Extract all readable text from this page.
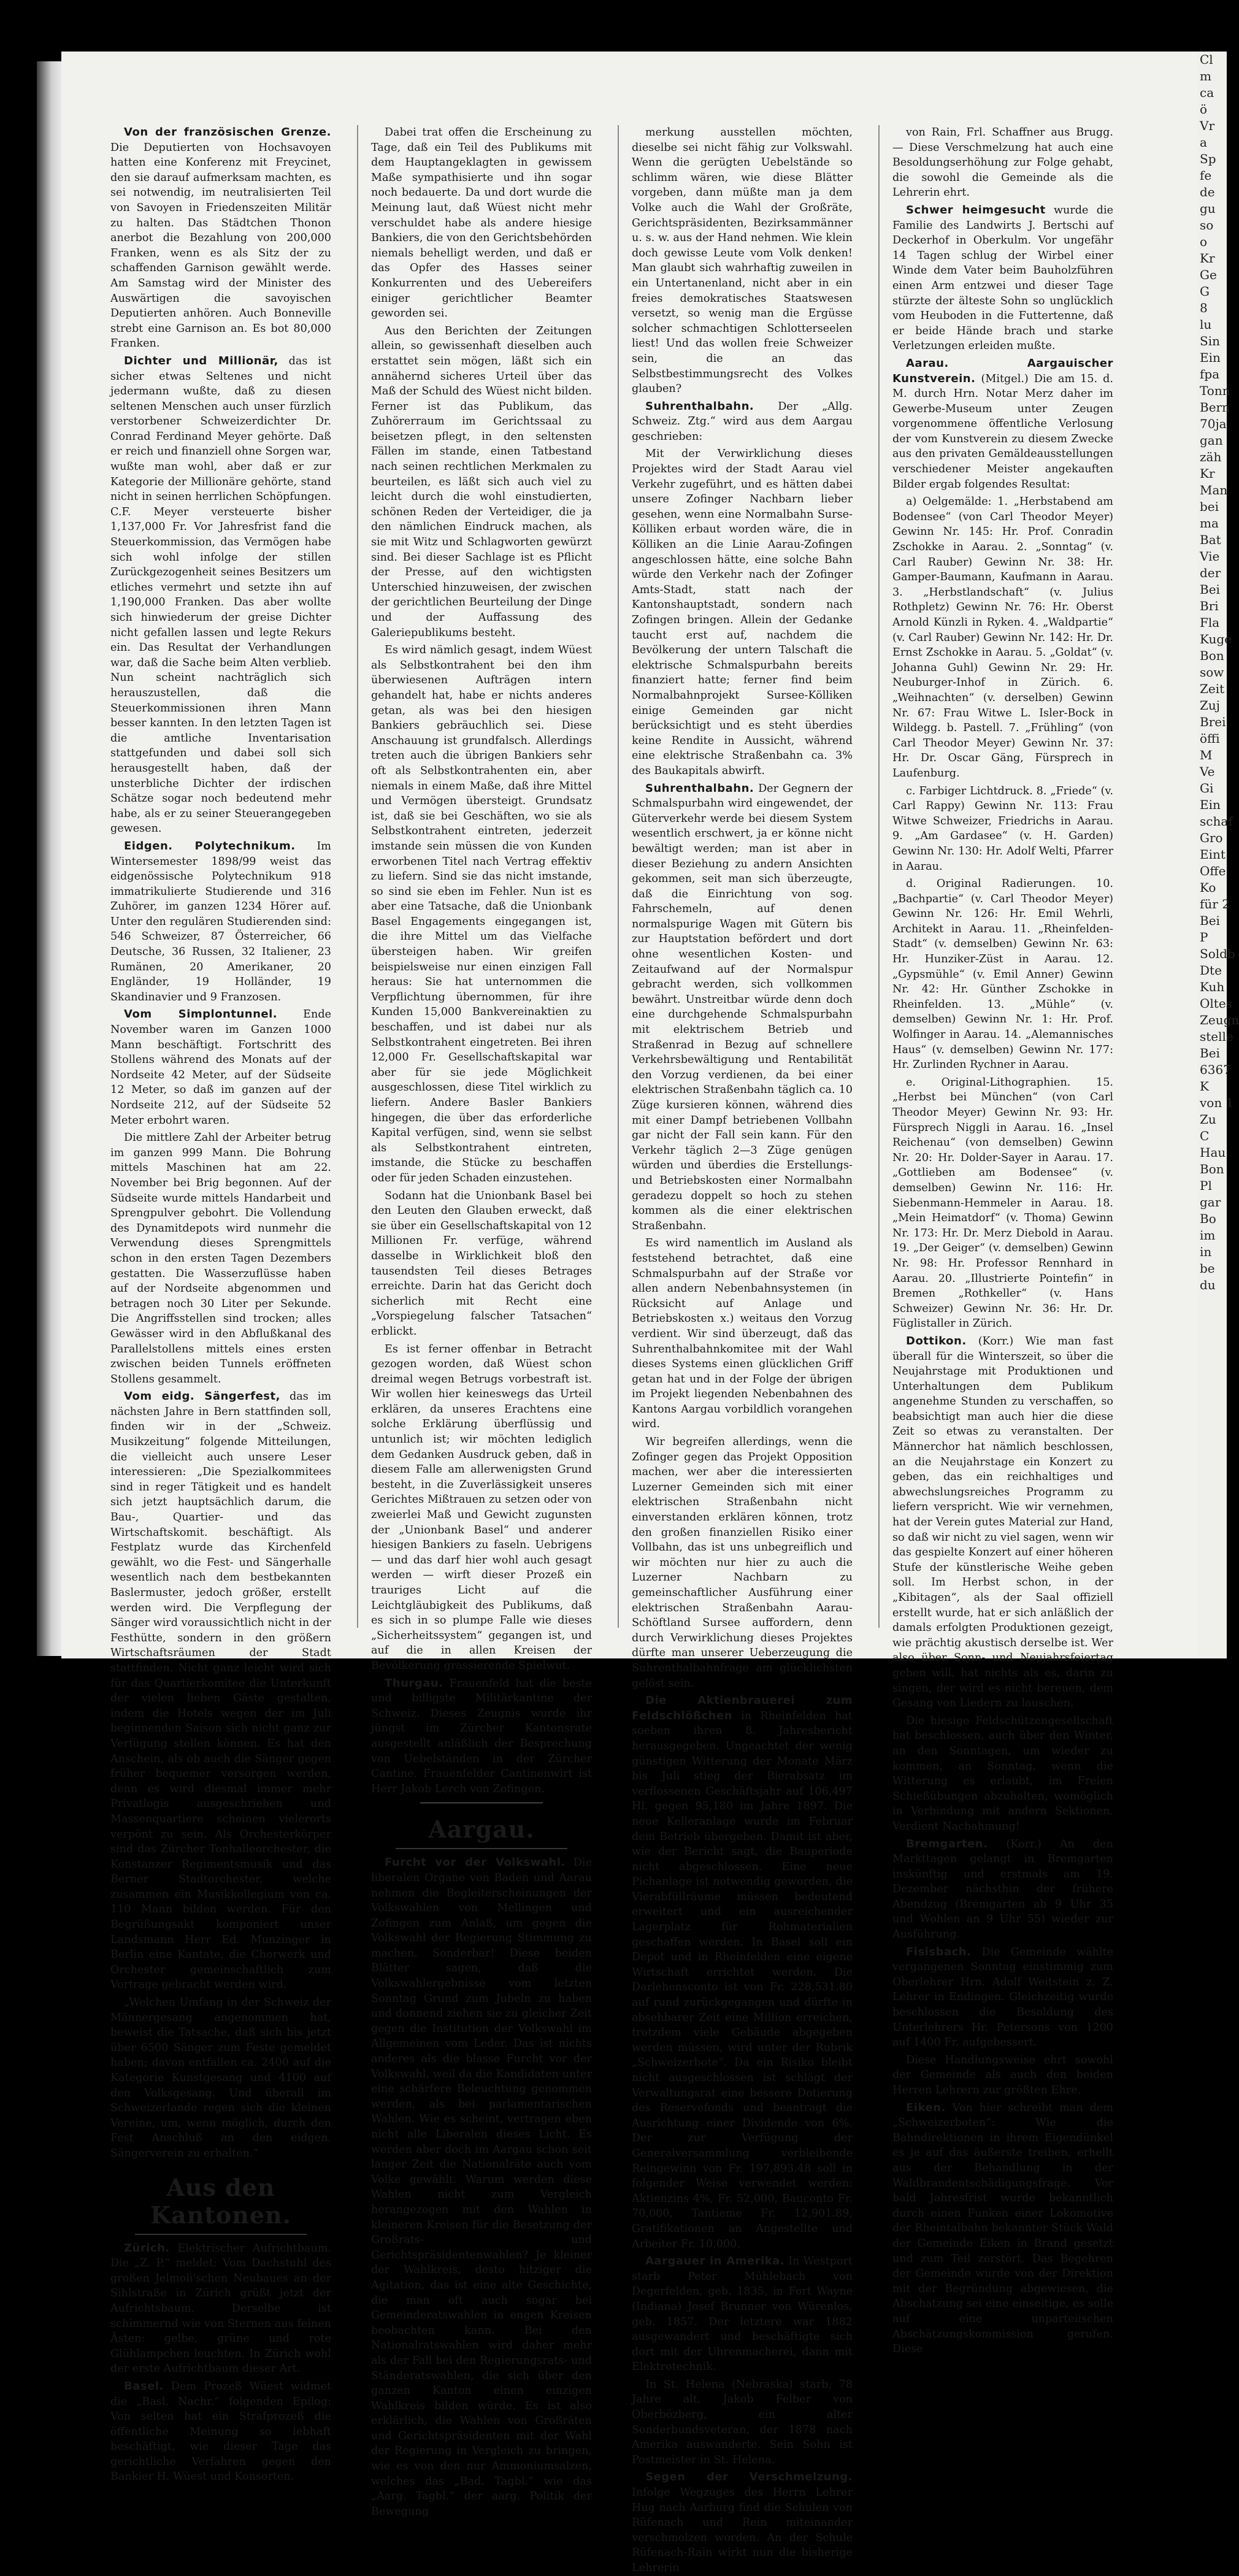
Von der französischen Grenze. Die Deputierten von Hochsavoyen hatten eine Konferenz mit Freycinet, den sie darauf aufmerksam machten, es sei notwendig, im neutralisierten Teil von Savoyen in Friedenszeiten Militär zu halten. Das Städtchen Thonon anerbot die Bezahlung von 200,000 Franken, wenn es als Sitz der zu schaffenden Garnison gewählt werde. Am Samstag wird der Minister des Auswärtigen die savoyischen Deputierten anhören. Auch Bonneville strebt eine Garnison an. Es bot 80,000 Franken.

Dichter und Millionär, das ist sicher etwas Seltenes und nicht jedermann wußte, daß zu diesen seltenen Menschen auch unser fürzlich verstorbener Schweizerdichter Dr. Conrad Ferdinand Meyer gehörte. Daß er reich und finanziell ohne Sorgen war, wußte man wohl, aber daß er zur Kategorie der Millionäre gehörte, stand nicht in seinen herrlichen Schöpfungen. C.F. Meyer versteuerte bisher 1,137,000 Fr. Vor Jahresfrist fand die Steuerkommission, das Vermögen habe sich wohl infolge der stillen Zurückgezogenheit seines Besitzers um etliches vermehrt und setzte ihn auf 1,190,000 Franken. Das aber wollte sich hinwiederum der greise Dichter nicht gefallen lassen und legte Rekurs ein. Das Resultat der Verhandlungen war, daß die Sache beim Alten verblieb. Nun scheint nachträglich sich herauszustellen, daß die Steuerkommissionen ihren Mann besser kannten. In den letzten Tagen ist die amtliche Inventarisation stattgefunden und dabei soll sich herausgestellt haben, daß der unsterbliche Dichter der irdischen Schätze sogar noch bedeutend mehr habe, als er zu seiner Steuerangegeben gewesen.

Eidgen. Polytechnikum. Im Wintersemester 1898/99 weist das eidgenössische Polytechnikum 918 immatrikulierte Studierende und 316 Zuhörer, im ganzen 1234 Hörer auf. Unter den regulären Studierenden sind: 546 Schweizer, 87 Österreicher, 66 Deutsche, 36 Russen, 32 Italiener, 23 Rumänen, 20 Amerikaner, 20 Engländer, 19 Holländer, 19 Skandinavier und 9 Franzosen.

Vom Simplontunnel. Ende November waren im Ganzen 1000 Mann beschäftigt. Fortschritt des Stollens während des Monats auf der Nordseite 42 Meter, auf der Südseite 12 Meter, so daß im ganzen auf der Nordseite 212, auf der Südseite 52 Meter erbohrt waren.

Die mittlere Zahl der Arbeiter betrug im ganzen 999 Mann. Die Bohrung mittels Maschinen hat am 22. November bei Brig begonnen. Auf der Südseite wurde mittels Handarbeit und Sprengpulver gebohrt. Die Vollendung des Dynamitdepots wird nunmehr die Verwendung dieses Sprengmittels schon in den ersten Tagen Dezembers gestatten. Die Wasserzuflüsse haben auf der Nordseite abgenommen und betragen noch 30 Liter per Sekunde. Die Angriffsstellen sind trocken; alles Gewässer wird in den Abflußkanal des Parallelstollens mittels eines ersten zwischen beiden Tunnels eröffneten Stollens gesammelt.

Vom eidg. Sängerfest, das im nächsten Jahre in Bern stattfinden soll, finden wir in der „Schweiz. Musikzeitung“ folgende Mitteilungen, die vielleicht auch unsere Leser interessieren: „Die Spezialkommitees sind in reger Tätigkeit und es handelt sich jetzt hauptsächlich darum, die Bau-, Quartier- und das Wirtschaftskomit. beschäftigt. Als Festplatz wurde das Kirchenfeld gewählt, wo die Fest- und Sängerhalle wesentlich nach dem bestbekannten Baslermuster, jedoch größer, erstellt werden wird. Die Verpflegung der Sänger wird voraussichtlich nicht in der Festhütte, sondern in den größern Wirtschaftsräumen der Stadt stattfinden. Nicht ganz leicht wird sich für das Quartierkomitee die Unterkunft der vielen lieben Gäste gestalten, indem die Hotels wegen der im Juli beginnenden Saison sich nicht ganz zur Verfügung stellen können. Es hat den Anschein, als ob auch die Sänger gegen früher bequemer versorgen werden, denn es wird diesmal immer mehr Privatlogis ausgeschrieben und Massenquartiere scheinen vielerorts verpönt zu sein. Als Orchesterkörper sind das Zürcher Tonhalleorchester, die Konstanzer Regimentsmusik und das Berner Stadtorchester, welche zusammen ein Musikkollegium von ca. 110 Mann bilden werden. Für den Begrüßungsakt komponiert unser Landsmann Herr Ed. Munzinger in Berlin eine Kantate, die Chorwerk und Orchester gemeinschaftlich zum Vortrage gebracht werden wird.

„Welchen Umfang in der Schweiz der Männergesang angenommen hat, beweist die Tatsache, daß sich bis jetzt über 6500 Sänger zum Feste gemeldet haben; davon entfallen ca. 2400 auf die Kategorie Kunstgesang und 4100 auf den Volksgesang. Und überall im Schweizerlande regen sich die kleinen Vereine, um, wenn möglich, durch den Fest Anschluß an den eidgen. Sängerverein zu erhalten.“

Aus den Kantonen.

Zürich. Elektrischer Aufrichtbaum. Die „Z. P.“ meldet: Vom Dachstuhl des großen Jelmoli'schen Neubaues an der Sihlstraße in Zürich grüßt jetzt der Aufrichtsbaum. Derselbe ist schimmernd wie von Sternen aus feinen Ästen: gelbe, grüne und rote Glühlampchen leuchten. In Zürich wohl der erste Aufrichtbaum dieser Art.

Basel. Dem Prozeß Wüest widmet die „Basl. Nachr.“ folgenden Epilog: Von selten hat ein Strafprozeß die öffentliche Meinung so lebhaft beschäftigt, wie dieser Tage das gerichtliche Verfahren gegen den Bankier H. Wüest und Konsorten.

Dabei trat offen die Erscheinung zu Tage, daß ein Teil des Publikums mit dem Hauptangeklagten in gewissem Maße sympathisierte und ihn sogar noch bedauerte. Da und dort wurde die Meinung laut, daß Wüest nicht mehr verschuldet habe als andere hiesige Bankiers, die von den Gerichtsbehörden niemals behelligt werden, und daß er das Opfer des Hasses seiner Konkurrenten und des Uebereifers einiger gerichtlicher Beamter geworden sei.

Aus den Berichten der Zeitungen allein, so gewissenhaft dieselben auch erstattet sein mögen, läßt sich ein annähernd sicheres Urteil über das Maß der Schuld des Wüest nicht bilden. Ferner ist das Publikum, das Zuhörerraum im Gerichtssaal zu beisetzen pflegt, in den seltensten Fällen im stande, einen Tatbestand nach seinen rechtlichen Merkmalen zu beurteilen, es läßt sich auch viel zu leicht durch die wohl einstudierten, schönen Reden der Verteidiger, die ja den nämlichen Eindruck machen, als sie mit Witz und Schlagworten gewürzt sind. Bei dieser Sachlage ist es Pflicht der Presse, auf den wichtigsten Unterschied hinzuweisen, der zwischen der gerichtlichen Beurteilung der Dinge und der Auffassung des Galeriepublikums besteht.

Es wird nämlich gesagt, indem Wüest als Selbstkontrahent bei den ihm überwiesenen Aufträgen intern gehandelt hat, habe er nichts anderes getan, als was bei den hiesigen Bankiers gebräuchlich sei. Diese Anschauung ist grundfalsch. Allerdings treten auch die übrigen Bankiers sehr oft als Selbstkontrahenten ein, aber niemals in einem Maße, daß ihre Mittel und Vermögen übersteigt. Grundsatz ist, daß sie bei Geschäften, wo sie als Selbstkontrahent eintreten, jederzeit imstande sein müssen die von Kunden erworbenen Titel nach Vertrag effektiv zu liefern. Sind sie das nicht imstande, so sind sie eben im Fehler. Nun ist es aber eine Tatsache, daß die Unionbank Basel Engagements eingegangen ist, die ihre Mittel um das Vielfache übersteigen haben. Wir greifen beispielsweise nur einen einzigen Fall heraus: Sie hat unternommen die Verpflichtung übernommen, für ihre Kunden 15,000 Bankvereinaktien zu beschaffen, und ist dabei nur als Selbstkontrahent eingetreten. Bei ihren 12,000 Fr. Gesellschaftskapital war aber für sie jede Möglichkeit ausgeschlossen, diese Titel wirklich zu liefern. Andere Basler Bankiers hingegen, die über das erforderliche Kapital verfügen, sind, wenn sie selbst als Selbstkontrahent eintreten, imstande, die Stücke zu beschaffen oder für jeden Schaden einzustehen.

Sodann hat die Unionbank Basel bei den Leuten den Glauben erweckt, daß sie über ein Gesellschaftskapital von 12 Millionen Fr. verfüge, während dasselbe in Wirklichkeit bloß den tausendsten Teil dieses Betrages erreichte. Darin hat das Gericht doch sicherlich mit Recht eine „Vorspiegelung falscher Tatsachen“ erblickt.

Es ist ferner offenbar in Betracht gezogen worden, daß Wüest schon dreimal wegen Betrugs vorbestraft ist. Wir wollen hier keineswegs das Urteil erklären, da unseres Erachtens eine solche Erklärung überflüssig und untunlich ist; wir möchten lediglich dem Gedanken Ausdruck geben, daß in diesem Falle am allerwenigsten Grund besteht, in die Zuverlässigkeit unseres Gerichtes Mißtrauen zu setzen oder von zweierlei Maß und Gewicht zugunsten der „Unionbank Basel“ und anderer hiesigen Bankiers zu faseln. Uebrigens — und das darf hier wohl auch gesagt werden — wirft dieser Prozeß ein trauriges Licht auf die Leichtgläubigkeit des Publikums, daß es sich in so plumpe Falle wie dieses „Sicherheitssystem“ gegangen ist, und auf die in allen Kreisen der Bevölkerung grassierende Spielwut.

Thurgau. Frauenfeld hat die beste und billigste Militärkantine der Schweiz. Dieses Zeugnis wurde ihr jüngst im Zürcher Kantonsrate ausgestellt anläßlich der Besprechung von Uebelständen in der Zürcher Cantine. Frauenfelder Cantinenwirt ist Herr Jakob Lerch von Zofingen.

Aargau.

Furcht vor der Volkswahl. Die liberalen Organe von Baden und Aarau nehmen die Begleiterscheinungen der Volkswahlen von Mellingen und Zofingen zum Anlaß, um gegen die Volkswahl der Regierung Stimmung zu machen. Sonderbar! Diese beiden Blätter sagen, daß die Volkswahlergebnisse vom letzten Sonntag Grund zum Jubeln zu haben und donnend ziehen sie zu gleicher Zeit gegen die Institution der Volkswahl im Allgemeinen vom Leder. Das ist nichts anderes als die blasse Furcht vor der Volkswahl, weil da die Kandidaten unter eine schärfere Beleuchtung genommen werden, als bei parlamentarischen Wahlen. Wie es scheint, vertragen eben nicht alle Liberalen dieses Licht. Es werden aber doch im Aargau schon seit langer Zeit die Nationalräte auch vom Volke gewählt. Warum werden diese Wahlen nicht zum Vergleich herangezogen mit den Wahlen in kleineren Kreisen für die Besetzung der Großrats- und Gerichtspräsidentenwahlen? Je kleiner der Wahlkreis, desto hitziger die Agitation, das ist eine alte Geschichte, die man oft auch sogar bei Gemeinderatswahlen in engen Kreisen beobachten kann. Bei den Nationalratswahlen wird daher mehr als der Fall bei den Regierungsrats- und Ständeratswahlen, die sich über den ganzen Kanton einen einzigen Wahlkreis bilden würde. Es ist also erklärlich, die Wahlen von Großräten und Gerichtspräsidenten mit der Wahl der Regierung in Vergleich zu bringen, wie es von den nur Ammoniumsalzen, welches das „Bad. Tagbl.“ wie das „Aarg. Tagbl.“ der aarg. Politik der Bewegung

merkung ausstellen möchten, dieselbe sei nicht fähig zur Volkswahl. Wenn die gerügten Uebelstände so schlimm wären, wie diese Blätter vorgeben, dann müßte man ja dem Volke auch die Wahl der Großräte, Gerichtspräsidenten, Bezirksammänner u. s. w. aus der Hand nehmen. Wie klein doch gewisse Leute vom Volk denken! Man glaubt sich wahrhaftig zuweilen in ein Untertanenland, nicht aber in ein freies demokratisches Staatswesen versetzt, so wenig man die Ergüsse solcher schmachtigen Schlotterseelen liest! Und das wollen freie Schweizer sein, die an das Selbstbestimmungsrecht des Volkes glauben?

Suhrenthalbahn. Der „Allg. Schweiz. Ztg.“ wird aus dem Aargau geschrieben:

Mit der Verwirklichung dieses Projektes wird der Stadt Aarau viel Verkehr zugeführt, und es hätten dabei unsere Zofinger Nachbarn lieber gesehen, wenn eine Normalbahn Surse-Kölliken erbaut worden wäre, die in Kölliken an die Linie Aarau-Zofingen angeschlossen hätte, eine solche Bahn würde den Verkehr nach der Zofinger Amts-Stadt, statt nach der Kantonshauptstadt, sondern nach Zofingen bringen. Allein der Gedanke taucht erst auf, nachdem die Bevölkerung der untern Talschaft die elektrische Schmalspurbahn bereits finanziert hatte; ferner find beim Normalbahnprojekt Sursee-Kölliken einige Gemeinden gar nicht berücksichtigt und es steht überdies keine Rendite in Aussicht, während eine elektrische Straßenbahn ca. 3% des Baukapitals abwirft.

Suhrenthalbahn. Der Gegnern der Schmalspurbahn wird eingewendet, der Güterverkehr werde bei diesem System wesentlich erschwert, ja er könne nicht bewältigt werden; man ist aber in dieser Beziehung zu andern Ansichten gekommen, seit man sich überzeugte, daß die Einrichtung von sog. Fahrschemeln, auf denen normalspurige Wagen mit Gütern bis zur Hauptstation befördert und dort ohne wesentlichen Kosten- und Zeitaufwand auf der Normalspur gebracht werden, sich vollkommen bewährt. Unstreitbar würde denn doch eine durchgehende Schmalspurbahn mit elektrischem Betrieb und Straßenrad in Bezug auf schnellere Verkehrsbewältigung und Rentabilität den Vorzug verdienen, da bei einer elektrischen Straßenbahn täglich ca. 10 Züge kursieren können, während dies mit einer Dampf betriebenen Vollbahn gar nicht der Fall sein kann. Für den Verkehr täglich 2—3 Züge genügen würden und überdies die Erstellungs- und Betriebskosten einer Normalbahn geradezu doppelt so hoch zu stehen kommen als die einer elektrischen Straßenbahn.

Es wird namentlich im Ausland als feststehend betrachtet, daß eine Schmalspurbahn auf der Straße vor allen andern Nebenbahnsystemen (in Rücksicht auf Anlage und Betriebskosten x.) weitaus den Vorzug verdient. Wir sind überzeugt, daß das Suhrenthalbahnkomitee mit der Wahl dieses Systems einen glücklichen Griff getan hat und in der Folge der übrigen im Projekt liegenden Nebenbahnen des Kantons Aargau vorbildlich vorangehen wird.

Wir begreifen allerdings, wenn die Zofinger gegen das Projekt Opposition machen, wer aber die interessierten Luzerner Gemeinden sich mit einer elektrischen Straßenbahn nicht einverstanden erklären können, trotz den großen finanziellen Risiko einer Vollbahn, das ist uns unbegreiflich und wir möchten nur hier zu auch die Luzerner Nachbarn zu gemeinschaftlicher Ausführung einer elektrischen Straßenbahn Aarau-Schöftland Sursee auffordern, denn durch Verwirklichung dieses Projektes dürfte man unserer Ueberzeugung die Suhrenthalbahnfrage am glücklichsten gelöst sein.

Die Aktienbrauerei zum Feldschlößchen in Rheinfelden hat soeben ihren 8. Jahresbericht herausgegeben. Ungeachtet der wenig günstigen Witterung der Monate März bis Juli stieg der Bierabsatz im verflossenen Geschäftsjahr auf 106,497 Hl. gegen 95,180 im Jahre 1897. Die neue Kelleranlage wurde im Februar dem Betrieb übergeben. Damit ist aber, wie der Bericht sagt, die Bauperiode nicht abgeschlossen. Eine neue Pichanlage ist notwendig geworden, die Vierabfüllräume müssen bedeutend erweitert und ein ausreichender Lagerplatz für Rohmaterialien geschaffen werden. In Basel soll ein Depot und in Rheinfelden eine eigene Wirtschaft errichtet werden. Die Darlehensconto ist von Fr. 228,531.80 auf rund zurückgegangen und dürfte in absehbarer Zeit eine Million erreichen, trotzdem viele Gebäude abgegeben werden müssen, wird unter der Rubrik „Schweizerbote“. Da ein Risiko bleibt nicht ausgeschlossen ist schlägt der Verwaltungsrat eine bessere Dotierung des Reservefonds und beantragt die Ausrichtung einer Dividende von 6%. Der zur Verfügung der Generalversammlung verbleibende Reingewinn von Fr. 197,893.48 soll in folgender Weise verwendet werden: Aktienzins 4%, Fr. 52,000, Bauconto Fr. 70,000, Tantieme Fr. 12,901.89, Gratifikationen an Angestellte und Arbeiter Fr. 10,000.

Aargauer in Amerika. In Westport starb Peter Mühlebach von Degerfelden, geb. 1835, in Fort Wayne (Indiana) Josef Brunner von Würenlos, geb. 1857. Der letztere war 1882 ausgewandert und beschäftigte sich dort mit der Uhrenmacherei, dann mit Elektrotechnik.

In St. Helena (Nebraska) starb, 78 Jahre alt, Jakob Felber von Oberbözberg, ein alter Sonderbundsveteran, der 1878 nach Amerika auswanderte. Sein Sohn ist Postmeister in St. Helena.

Segen der Verschmelzung. Infolge Wegzuges des Herrn Lehrer Hug nach Aarburg find die Schulen von Rüfenach und Rein miteinander verschmolzen worden. An der Schule Rüfenach-Rain wirkt nun die bisherige Lehrerin

von Rain, Frl. Schaffner aus Brugg. — Diese Verschmelzung hat auch eine Besoldungserhöhung zur Folge gehabt, die sowohl die Gemeinde als die Lehrerin ehrt.

Schwer heimgesucht wurde die Familie des Landwirts J. Bertschi auf Deckerhof in Oberkulm. Vor ungefähr 14 Tagen schlug der Wirbel einer Winde dem Vater beim Bauholzführen einen Arm entzwei und dieser Tage stürzte der älteste Sohn so unglücklich vom Heuboden in die Futtertenne, daß er beide Hände brach und starke Verletzungen erleiden mußte.

Aarau. Aargauischer Kunstverein. (Mitgel.) Die am 15. d. M. durch Hrn. Notar Merz daher im Gewerbe-Museum unter Zeugen vorgenommene öffentliche Verlosung der vom Kunstverein zu diesem Zwecke aus den privaten Gemäldeausstellungen verschiedener Meister angekauften Bilder ergab folgendes Resultat:

a) Oelgemälde: 1. „Herbstabend am Bodensee“ (von Carl Theodor Meyer) Gewinn Nr. 145: Hr. Prof. Conradin Zschokke in Aarau. 2. „Sonntag“ (v. Carl Rauber) Gewinn Nr. 38: Hr. Gamper-Baumann, Kaufmann in Aarau. 3. „Herbstlandschaft“ (v. Julius Rothpletz) Gewinn Nr. 76: Hr. Oberst Arnold Künzli in Ryken. 4. „Waldpartie“ (v. Carl Rauber) Gewinn Nr. 142: Hr. Dr. Ernst Zschokke in Aarau. 5. „Goldat“ (v. Johanna Guhl) Gewinn Nr. 29: Hr. Neuburger-Inhof in Zürich. 6. „Weihnachten“ (v. derselben) Gewinn Nr. 67: Frau Witwe L. Isler-Bock in Wildegg. b. Pastell. 7. „Frühling“ (von Carl Theodor Meyer) Gewinn Nr. 37: Hr. Dr. Oscar Gäng, Fürsprech in Laufenburg.

c. Farbiger Lichtdruck. 8. „Friede“ (v. Carl Rappy) Gewinn Nr. 113: Frau Witwe Schweizer, Friedrichs in Aarau. 9. „Am Gardasee“ (v. H. Garden) Gewinn Nr. 130: Hr. Adolf Welti, Pfarrer in Aarau.

d. Original Radierungen. 10. „Bachpartie“ (v. Carl Theodor Meyer) Gewinn Nr. 126: Hr. Emil Wehrli, Architekt in Aarau. 11. „Rheinfelden-Stadt“ (v. demselben) Gewinn Nr. 63: Hr. Hunziker-Züst in Aarau. 12. „Gypsmühle“ (v. Emil Anner) Gewinn Nr. 42: Hr. Günther Zschokke in Rheinfelden. 13. „Mühle“ (v. demselben) Gewinn Nr. 1: Hr. Prof. Wolfinger in Aarau. 14. „Alemannisches Haus“ (v. demselben) Gewinn Nr. 177: Hr. Zurlinden Rychner in Aarau.

e. Original-Lithographien. 15. „Herbst bei München“ (von Carl Theodor Meyer) Gewinn Nr. 93: Hr. Fürsprech Niggli in Aarau. 16. „Insel Reichenau“ (von demselben) Gewinn Nr. 20: Hr. Dolder-Sayer in Aarau. 17. „Gottlieben am Bodensee“ (v. demselben) Gewinn Nr. 116: Hr. Siebenmann-Hemmeler in Aarau. 18. „Mein Heimatdorf“ (v. Thoma) Gewinn Nr. 173: Hr. Dr. Merz Diebold in Aarau. 19. „Der Geiger“ (v. demselben) Gewinn Nr. 98: Hr. Professor Rennhard in Aarau. 20. „Illustrierte Pointefin“ in Bremen „Rothkeller“ (v. Hans Schweizer) Gewinn Nr. 36: Hr. Dr. Füglistaller in Zürich.

Dottikon. (Korr.) Wie man fast überall für die Winterszeit, so über die Neujahrstage mit Produktionen und Unterhaltungen dem Publikum angenehme Stunden zu verschaffen, so beabsichtigt man auch hier die diese Zeit so etwas zu veranstalten. Der Männerchor hat nämlich beschlossen, an die Neujahrstage ein Konzert zu geben, das ein reichhaltiges und abwechslungsreiches Programm zu liefern verspricht. Wie wir vernehmen, hat der Verein gutes Material zur Hand, so daß wir nicht zu viel sagen, wenn wir das gespielte Konzert auf einer höheren Stufe der künstlerische Weihe geben soll. Im Herbst schon, in der „Kibitagen“, als der Saal offiziell erstellt wurde, hat er sich anläßlich der damals erfolgten Produktionen gezeigt, wie prächtig akustisch derselbe ist. Wer also über Sonn- und Neujahrsfeiertag geben will, hat nichts als es, darin zu singen, der wird es nicht bereuen, dem Gesang von Liedern zu lauschen.

Die hiesige Feldschützengesellschaft hat beschlossen, auch über den Winter, an den Sonntagen, um wieder zu kommen, an Sonntag, wenn die Witterung es erlaubt, im Freien Schießübungen abzuhalten, womöglich in Verbindung mit andern Sektionen. Verdient Nachahmung!

Bremgarten. (Korr.) An den Markttagen gelangt in Bremgarten inskünftig und erstmals am 19. Dezember nächsthin der frühere Abendzug (Bremgarten ab 9 Uhr 35 und Wohlen an 9 Uhr 55) wieder zur Ausführung.

Fisisbach. Die Gemeinde wählte vergangenen Sonntag einstimmig zum Oberlehrer Hrn. Adolf Weitstein z. Z. Lehrer in Endingen. Gleichzeitig wurde beschlossen die Besoldung des Unterlehrers Hr. Petersons von 1200 auf 1400 Fr. aufgebessert.

Diese Handlungsweise ehrt sowohl der Gemeinde als auch den beiden Herren Lehrern zur größten Ehre.

Eiken. Von hier schreibt man dem „Schweizerboten“: Wie die Bahndirektionen in ihrem Eigendünkel es je auf das äußerste treiben, erhellt aus der Behandlung in der Waldbrandentschädigungsfrage. Vor bald Jahresfrist wurde bekanntlich durch einen Funken einer Lokomotive der Rheintalbahn bekannter Stück Wald der Gemeinde Eiken in Brand gesetzt und zum Teil zerstört. Das Begehren der Gemeinde wurde von der Direktion mit der Begründung abgewiesen, die Abschatzung sei eine einseitige, es solle auf eine unparteiischen Abschätzungskommission gerufen. Diese

Cl
m
ca
ö
Vr
a
Sp
fe
de
gu
so
o
Kr
Ge
G
8
lu
Sin
Ein
fpa
Tonn
Bern
70ja
gan
zäh
Kr
Man
bei
ma
Bat
Vie
der
Bei
Bri
Fla
Kuge
Bon
sow
Zeit
Zuj
Brei
öffi
M
Ve
Gi
Ein
schaf
Gro
Eint
Offe
Ko
für 2
Bei
P
Soldb
Dte
Kuh
Oltes
Zeugn
stelle
Bei
6367
K
von 1
Zu
C
Hau
Bon
Pl
gar
Bo
im
in
be
du
